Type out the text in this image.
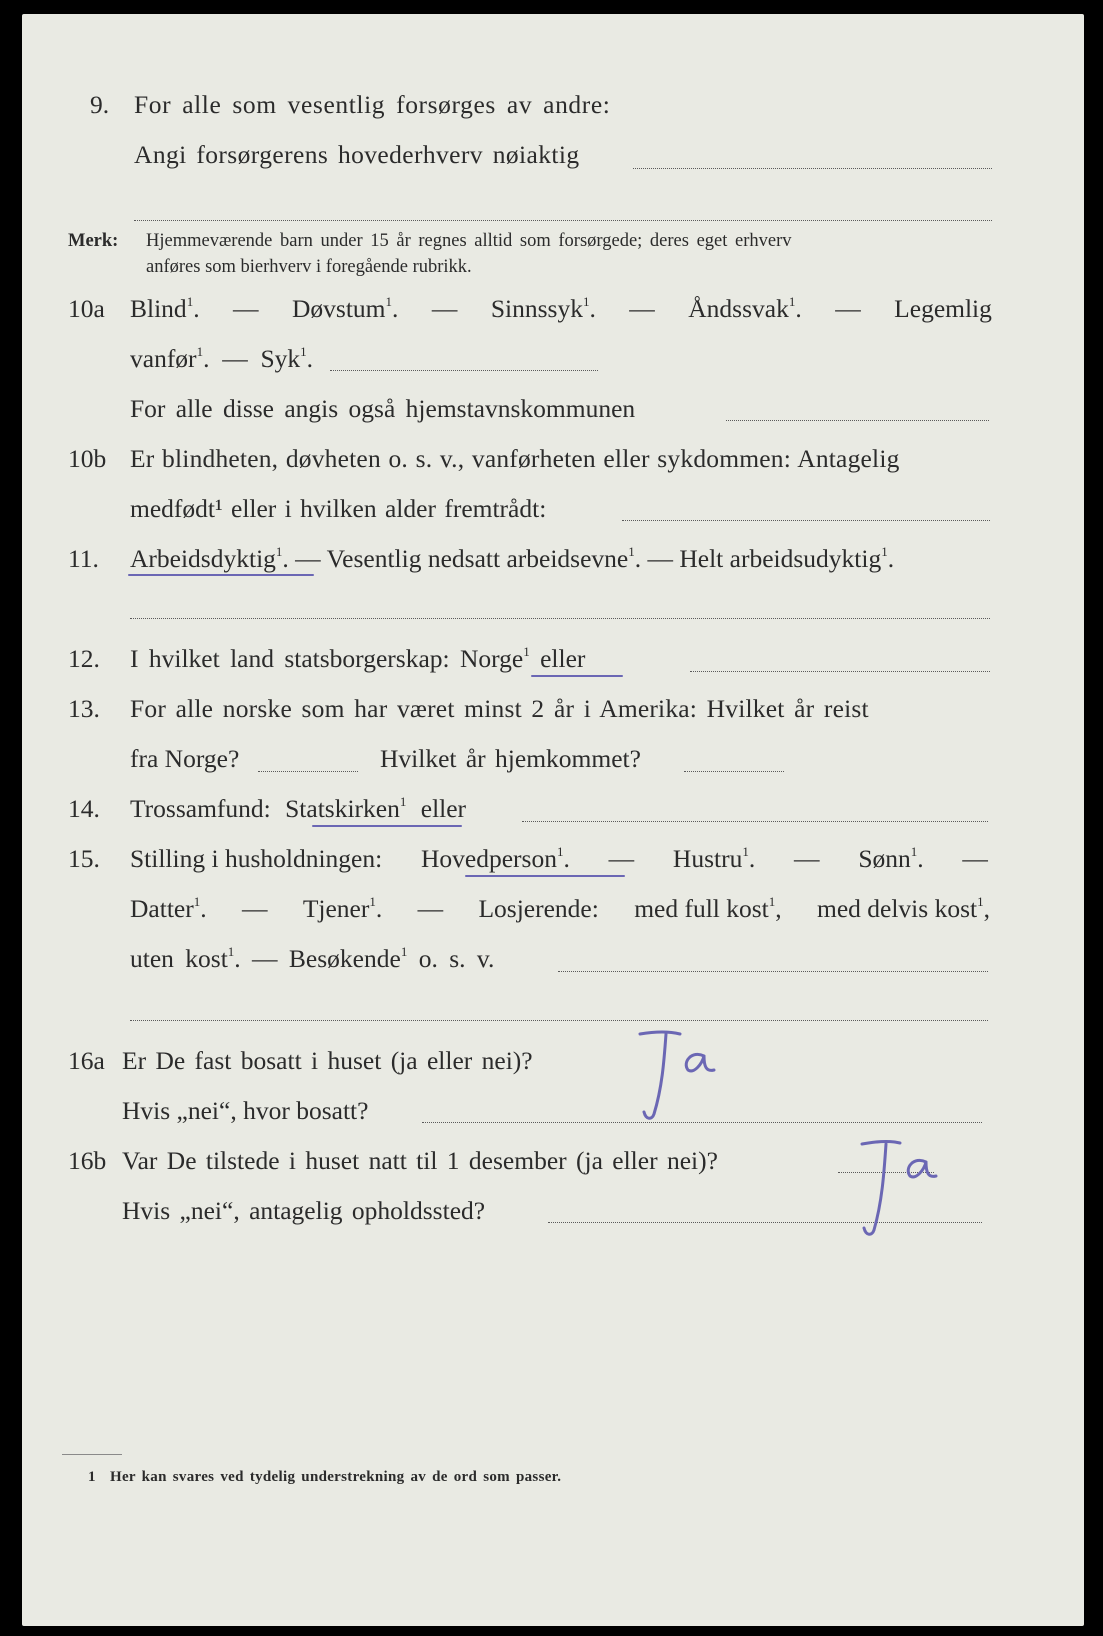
9. For alle som vesentlig forsørges av andre:
Angi forsørgerens hovederhverv nøiaktig
Merk: Hjemmeværende barn under 15 år regnes alltid som forsørgede; deres eget erhverv
anføres som bierhverv i foregående rubrikk.
10a Blind$^1$. — Døvstum$^1$. — Sinnssyk$^1$. — Åndssvak$^1$. — Legemlig
vanfør$^1$.  — Syk$^1$.
For alle disse angis også hjemstavnskommunen
10b Er blindheten, døvheten o. s. v., vanførheten eller sykdommen: Antagelig
medfødt¹ eller i hvilken alder fremtrådt:
11. Arbeidsdyktig$^1$. — Vesentlig nedsatt arbeidsevne$^1$. — Helt arbeidsudyktig$^1$.
12. I hvilket land statsborgerskap: Norge$^1$ eller
13. For alle norske som har været minst 2 år i Amerika: Hvilket år reist
fra Norge?	Hvilket år hjemkommet?
14. Trossamfund: Statskirken$^1$ eller
15. Stilling i husholdningen: Hovedperson$^1$. — Hustru$^1$. — Sønn$^1$. —
Datter$^1$. — Tjener$^1$. — Losjerende: med full kost$^1$, med delvis kost$^1$,
uten kost$^1$. — Besøkende$^1$ o. s. v.
16a Er De fast bosatt i huset (ja eller nei)?
Hvis „nei“, hvor bosatt?
16b Var De tilstede i huset natt til 1 desember (ja eller nei)?
Hvis „nei“, antagelig opholdssted?
1 Her kan svares ved tydelig understrekning av de ord som passer.
